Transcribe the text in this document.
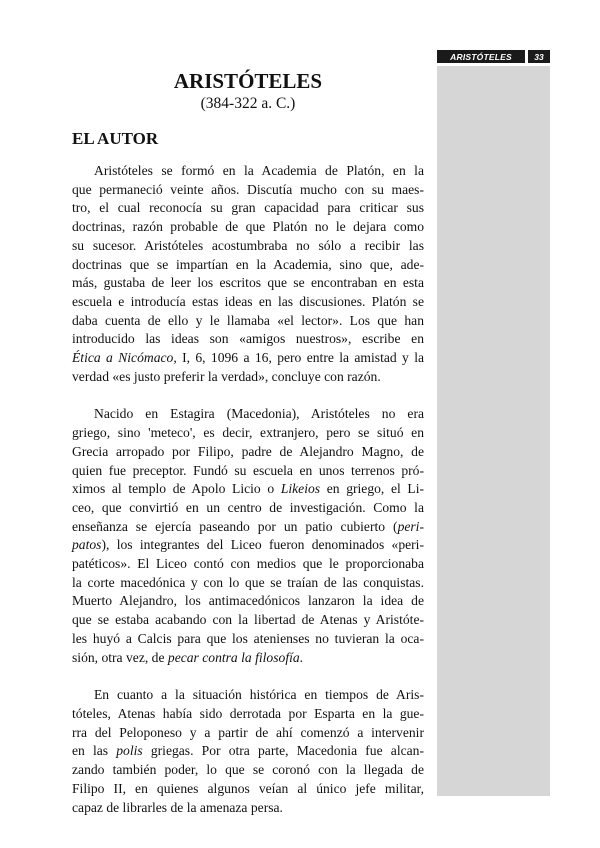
ARISTÓTELES	33
ARISTÓTELES
(384-322 a. C.)
EL AUTOR

Aristóteles se formó en la Academia de Platón, en la
que permaneció veinte años. Discutía mucho con su maes-
tro, el cual reconocía su gran capacidad para criticar sus
doctrinas, razón probable de que Platón no le dejara como
su sucesor. Aristóteles acostumbraba no sólo a recibir las
doctrinas que se impartían en la Academia, sino que, ade-
más, gustaba de leer los escritos que se encontraban en esta
escuela e introducía estas ideas en las discusiones. Platón se
daba cuenta de ello y le llamaba «el lector». Los que han
introducido las ideas son «amigos nuestros», escribe en
Ética a Nicómaco, I, 6, 1096 a 16, pero entre la amistad y la
verdad «es justo preferir la verdad», concluye con razón.

Nacido en Estagira (Macedonia), Aristóteles no era
griego, sino 'meteco', es decir, extranjero, pero se situó en
Grecia arropado por Filipo, padre de Alejandro Magno, de
quien fue preceptor. Fundó su escuela en unos terrenos pró-
ximos al templo de Apolo Licio o Likeios en griego, el Li-
ceo, que convirtió en un centro de investigación. Como la
enseñanza se ejercía paseando por un patio cubierto (peri-
patos), los integrantes del Liceo fueron denominados «peri-
patéticos». El Liceo contó con medios que le proporcionaba
la corte macedónica y con lo que se traían de las conquistas.
Muerto Alejandro, los antimacedónicos lanzaron la idea de
que se estaba acabando con la libertad de Atenas y Aristóte-
les huyó a Calcis para que los atenienses no tuvieran la oca-
sión, otra vez, de pecar contra la filosofía.

En cuanto a la situación histórica en tiempos de Aris-
tóteles, Atenas había sido derrotada por Esparta en la gue-
rra del Peloponeso y a partir de ahí comenzó a intervenir
en las polis griegas. Por otra parte, Macedonia fue alcan-
zando también poder, lo que se coronó con la llegada de
Filipo II, en quienes algunos veían al único jefe militar,
capaz de librarles de la amenaza persa.
